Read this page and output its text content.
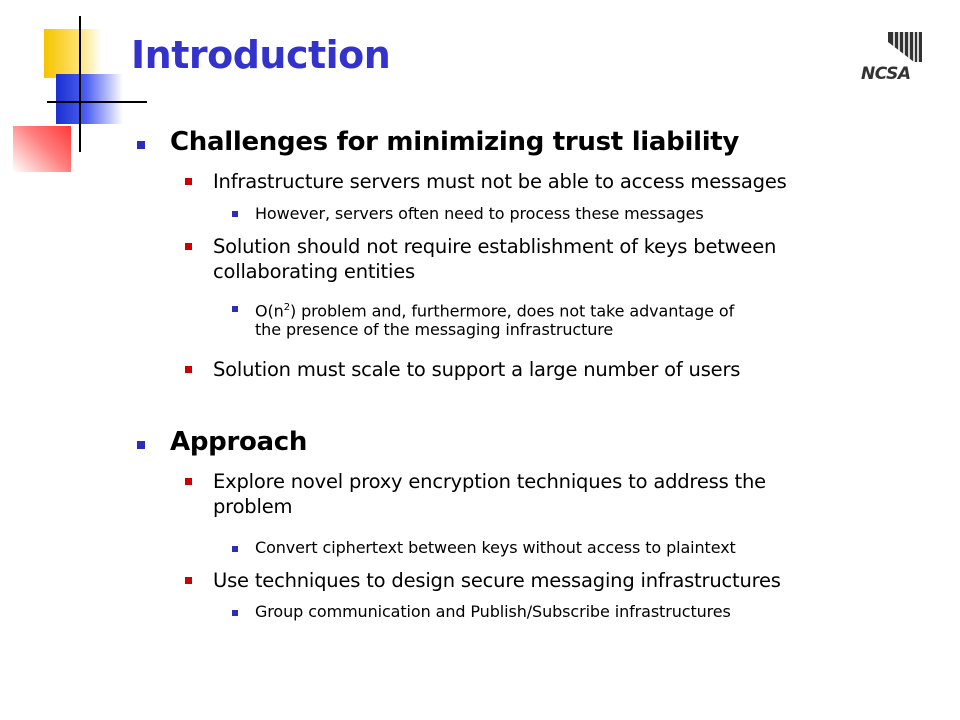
Introduction	NCSA
Challenges for minimizing trust liability
Infrastructure servers must not be able to access messages
However, servers often need to process these messages
Solution should not require establishment of keys between
collaborating entities
$O(n^2)$ problem and, furthermore, does not take advantage of
the presence of the messaging infrastructure
Solution must scale to support a large number of users
Approach
Explore novel proxy encryption techniques to address the
problem
Convert ciphertext between keys without access to plaintext
Use techniques to design secure messaging infrastructures
Group communication and Publish/Subscribe infrastructures
